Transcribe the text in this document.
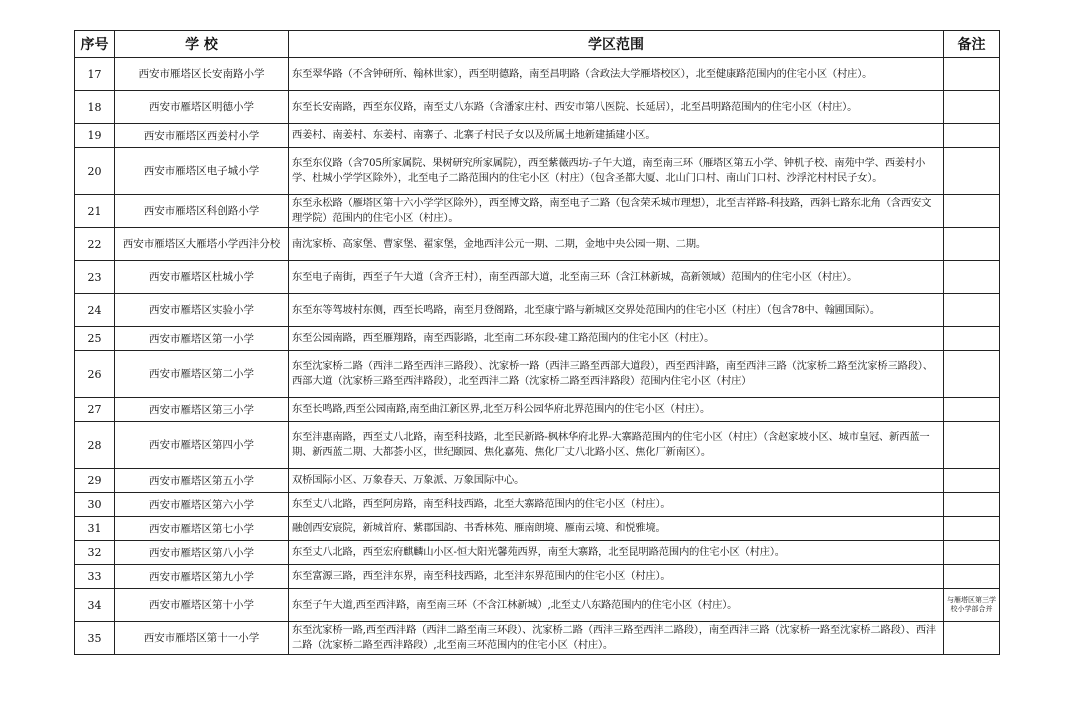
序号	学 校	学区范围	备注
17	西安市雁塔区长安南路小学	东至翠华路（不含钟研所、翰林世家），西至明德路，南至昌明路（含政法大学雁塔校区），北至健康路范围内的住宅小区（村庄）。	
18	西安市雁塔区明德小学	东至长安南路，西至东仪路，南至丈八东路（含潘家庄村、西安市第八医院、长延居），北至昌明路范围内的住宅小区（村庄）。	
19	西安市雁塔区西姜村小学	西姜村、南姜村、东姜村、南寨子、北寨子村民子女以及所属土地新建插建小区。	
20	西安市雁塔区电子城小学	东至东仪路（含705所家属院、果树研究所家属院），西至紫薇西坊-子午大道，南至南三环（雁塔区第五小学、钟机子校、南苑中学、西姜村小学、杜城小学学区除外），北至电子二路范围内的住宅小区（村庄）（包含圣都大厦、北山门口村、南山门口村、沙浮沱村村民子女）。	
21	西安市雁塔区科创路小学	东至永松路（雁塔区第十六小学学区除外），西至博文路，南至电子二路（包含荣禾城市理想），北至吉祥路-科技路，西斜七路东北角（含西安文理学院）范围内的住宅小区（村庄）。	
22	西安市雁塔区大雁塔小学西沣分校	南沈家桥、高家堡、曹家堡、翟家堡，金地西沣公元一期、二期，金地中央公园一期、二期。	
23	西安市雁塔区杜城小学	东至电子南街，西至子午大道（含齐王村），南至西部大道，北至南三环（含江林新城，高新领域）范围内的住宅小区（村庄）。	
24	西安市雁塔区实验小学	东至东等驾坡村东侧，西至长鸣路，南至月登阁路，北至康宁路与新城区交界处范围内的住宅小区（村庄）（包含78中、翰圃国际）。	
25	西安市雁塔区第一小学	东至公园南路，西至雁翔路，南至西影路，北至南二环东段-建工路范围内的住宅小区（村庄）。	
26	西安市雁塔区第二小学	东至沈家桥二路（西沣二路至西沣三路段）、沈家桥一路（西沣三路至西部大道段），西至西沣路，南至西沣三路（沈家桥二路至沈家桥三路段）、西部大道（沈家桥三路至西沣路段），北至西沣二路（沈家桥二路至西沣路段）范围内住宅小区（村庄）	
27	西安市雁塔区第三小学	东至长鸣路,西至公园南路,南至曲江新区界,北至万科公园华府北界范围内的住宅小区（村庄）。	
28	西安市雁塔区第四小学	东至沣惠南路，西至丈八北路，南至科技路，北至民新路-枫林华府北界-大寨路范围内的住宅小区（村庄）（含赵家坡小区、城市皇冠、新西蓝一期、新西蓝二期、大都荟小区，世纪颐园、焦化嘉苑、焦化厂丈八北路小区、焦化厂新南区）。	
29	西安市雁塔区第五小学	双桥国际小区、万象春天、万象派、万象国际中心。	
30	西安市雁塔区第六小学	东至丈八北路，西至阿房路，南至科技西路，北至大寨路范围内的住宅小区（村庄）。	
31	西安市雁塔区第七小学	融创西安宸院，新城首府、紫郡国韵、书香林苑、雁南朗境、雁南云境、和悦雅境。	
32	西安市雁塔区第八小学	东至丈八北路，西至宏府麒麟山小区-恒大阳光馨苑西界，南至大寨路，北至昆明路范围内的住宅小区（村庄）。	
33	西安市雁塔区第九小学	东至富源三路，西至沣东界，南至科技西路，北至沣东界范围内的住宅小区（村庄）。	
34	西安市雁塔区第十小学	东至子午大道,西至西沣路，南至南三环（不含江林新城）,北至丈八东路范围内的住宅小区（村庄）。	与雁塔区第三学校小学部合并
35	西安市雁塔区第十一小学	东至沈家桥一路,西至西沣路（西沣二路至南三环段）、沈家桥二路（西沣三路至西沣二路段），南至西沣三路（沈家桥一路至沈家桥二路段）、西沣二路（沈家桥二路至西沣路段）,北至南三环范围内的住宅小区（村庄）。	
